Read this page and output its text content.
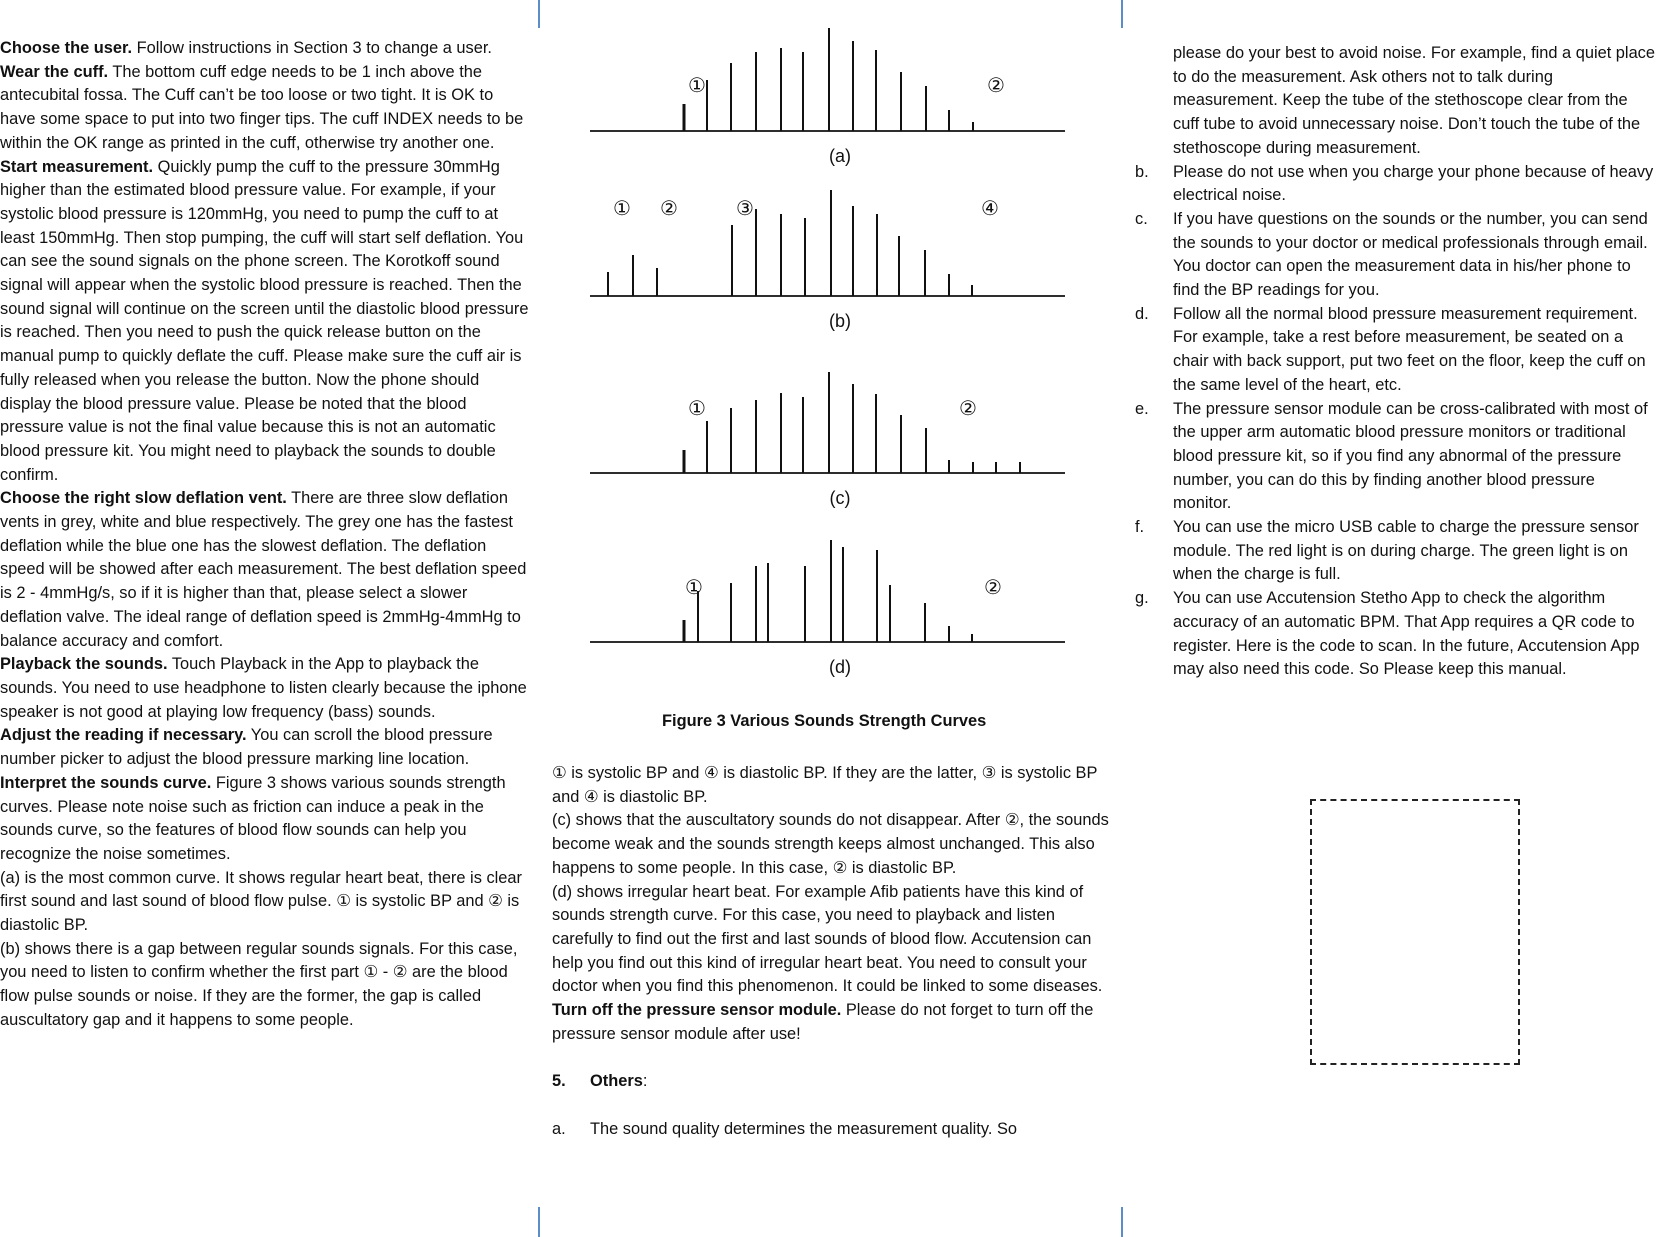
Choose the user. Follow instructions in Section 3 to change a user.

Wear the cuff. The bottom cuff edge needs to be 1 inch above the antecubital fossa. The Cuff can’t be too loose or two tight. It is OK to have some space to put into two finger tips. The cuff INDEX needs to be within the OK range as printed in the cuff, otherwise try another one.

Start measurement. Quickly pump the cuff to the pressure 30mmHg higher than the estimated blood pressure value. For example, if your systolic blood pressure is 120mmHg, you need to pump the cuff to at least 150mmHg. Then stop pumping, the cuff will start self deflation. You can see the sound signals on the phone screen. The Korotkoff sound signal will appear when the systolic blood pressure is reached. Then the sound signal will continue on the screen until the diastolic blood pressure is reached. Then you need to push the quick release button on the manual pump to quickly deflate the cuff. Please make sure the cuff air is fully released when you release the button. Now the phone should display the blood pressure value. Please be noted that the blood pressure value is not the final value because this is not an automatic blood pressure kit. You might need to playback the sounds to double confirm.

Choose the right slow deflation vent. There are three slow deflation vents in grey, white and blue respectively. The grey one has the fastest deflation while the blue one has the slowest deflation. The deflation speed will be showed after each measurement. The best deflation speed is 2 - 4mmHg/s, so if it is higher than that, please select a slower deflation valve. The ideal range of deflation speed is 2mmHg-4mmHg to balance accuracy and comfort.

Playback the sounds. Touch Playback in the App to playback the sounds. You need to use headphone to listen clearly because the iphone speaker is not good at playing low frequency (bass) sounds.

Adjust the reading if necessary. You can scroll the blood pressure number picker to adjust the blood pressure marking line location.

Interpret the sounds curve. Figure 3 shows various sounds strength curves. Please note noise such as friction can induce a peak in the sounds curve, so the features of blood flow sounds can help you recognize the noise sometimes.

(a) is the most common curve. It shows regular heart beat, there is clear first sound and last sound of blood flow pulse. ① is systolic BP and ② is diastolic BP.

(b) shows there is a gap between regular sounds signals. For this case, you need to listen to confirm whether the first part ① - ② are the blood flow pulse sounds or noise. If they are the former, the gap is called auscultatory gap and it happens to some people.

①	②
(a)
① ②	③	④
(b)
①	②
(c)
①	②
(d)
Figure 3 Various Sounds Strength Curves

① is systolic BP and ④ is diastolic BP. If they are the latter, ③ is systolic BP and ④ is diastolic BP.

(c) shows that the auscultatory sounds do not disappear. After ②, the sounds become weak and the sounds strength keeps almost unchanged. This also happens to some people. In this case, ② is diastolic BP.

(d) shows irregular heart beat. For example Afib patients have this kind of sounds strength curve. For this case, you need to playback and listen carefully to find out the first and last sounds of blood flow. Accutension can help you find out this kind of irregular heart beat. You need to consult your doctor when you find this phenomenon. It could be linked to some diseases.

Turn off the pressure sensor module. Please do not forget to turn off the pressure sensor module after use!

5. Others:

a. The sound quality determines the measurement quality. So
please do your best to avoid noise. For example, find a quiet place to do the measurement. Ask others not to talk during measurement. Keep the tube of the stethoscope clear from the cuff tube to avoid unnecessary noise. Don’t touch the tube of the stethoscope during measurement.
b. Please do not use when you charge your phone because of heavy electrical noise.
c. If you have questions on the sounds or the number, you can send the sounds to your doctor or medical professionals through email. You doctor can open the measurement data in his/her phone to find the BP readings for you.
d. Follow all the normal blood pressure measurement requirement. For example, take a rest before measurement, be seated on a chair with back support, put two feet on the floor, keep the cuff on the same level of the heart, etc.
e. The pressure sensor module can be cross-calibrated with most of the upper arm automatic blood pressure monitors or traditional blood pressure kit, so if you find any abnormal of the pressure number, you can do this by finding another blood pressure monitor.
f. You can use the micro USB cable to charge the pressure sensor module. The red light is on during charge. The green light is on when the charge is full.
g. You can use Accutension Stetho App to check the algorithm accuracy of an automatic BPM. That App requires a QR code to register. Here is the code to scan. In the future, Accutension App may also need this code. So Please keep this manual.
